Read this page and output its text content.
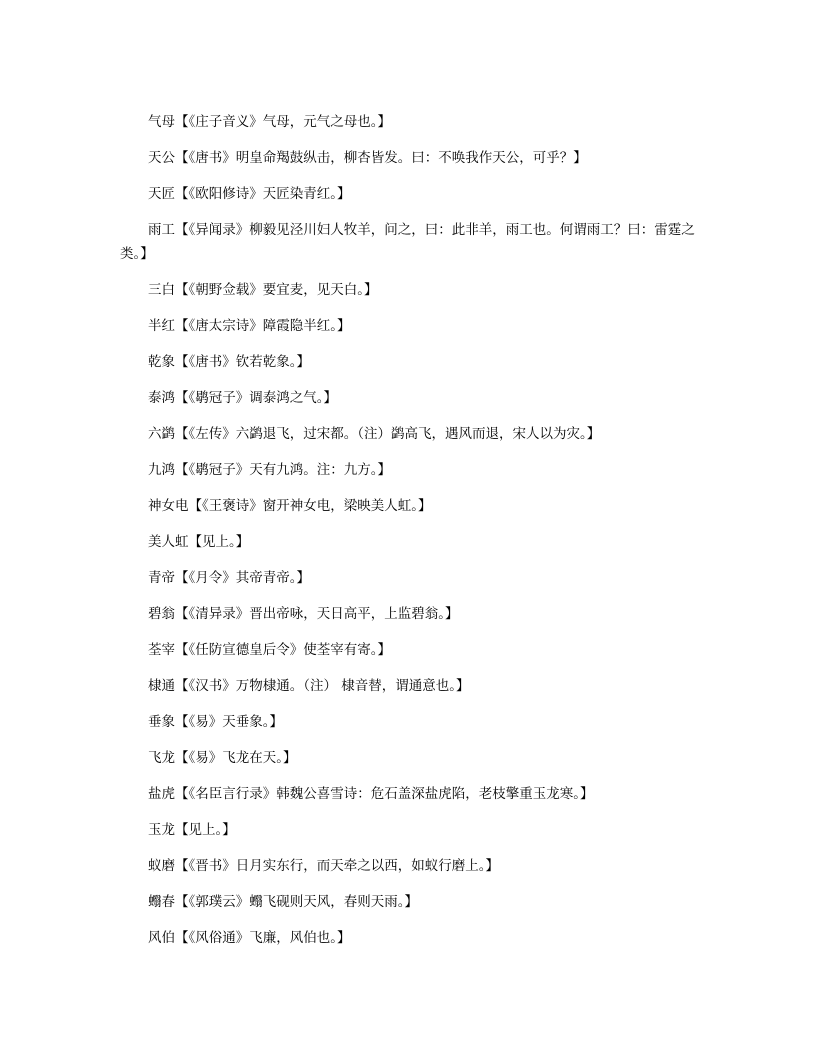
气母【《庄子音义》气母，元气之母也。】

天公【《唐书》明皇命羯鼓纵击，柳杏皆发。曰：不唤我作天公，可乎？】

天匠【《欧阳修诗》天匠染青红。】

雨工【《异闻录》柳毅见泾川妇人牧羊，问之，曰：此非羊，雨工也。何谓雨工？曰：雷霆之类。】

三白【《朝野佥载》要宜麦，见天白。】

半红【《唐太宗诗》障霞隐半红。】

乾象【《唐书》钦若乾象。】

泰鸿【《鹖冠子》调泰鸿之气。】

六鹢【《左传》六鹢退飞，过宋都。（注）鹢高飞，遇风而退，宋人以为灾。】

九鸿【《鹖冠子》天有九鸿。注：九方。】

神女电【《王褒诗》窗开神女电，梁映美人虹。】

美人虹【见上。】

青帝【《月令》其帝青帝。】

碧翁【《清异录》晋出帝咏，天日高平，上监碧翁。】

荃宰【《任防宣德皇后令》使荃宰有寄。】

棣通【《汉书》万物棣通。（注） 棣音替，谓通意也。】

垂象【《易》天垂象。】

飞龙【《易》飞龙在天。】

盐虎【《名臣言行录》韩魏公喜雪诗：危石盖深盐虎陷，老枝擎重玉龙寒。】

玉龙【见上。】

蚁磨【《晋书》日月实东行，而天牵之以西，如蚁行磨上。】

蠮春【《郭璞云》蠮飞砚则天风，春则天雨。】

风伯【《风俗通》飞廉，风伯也。】
